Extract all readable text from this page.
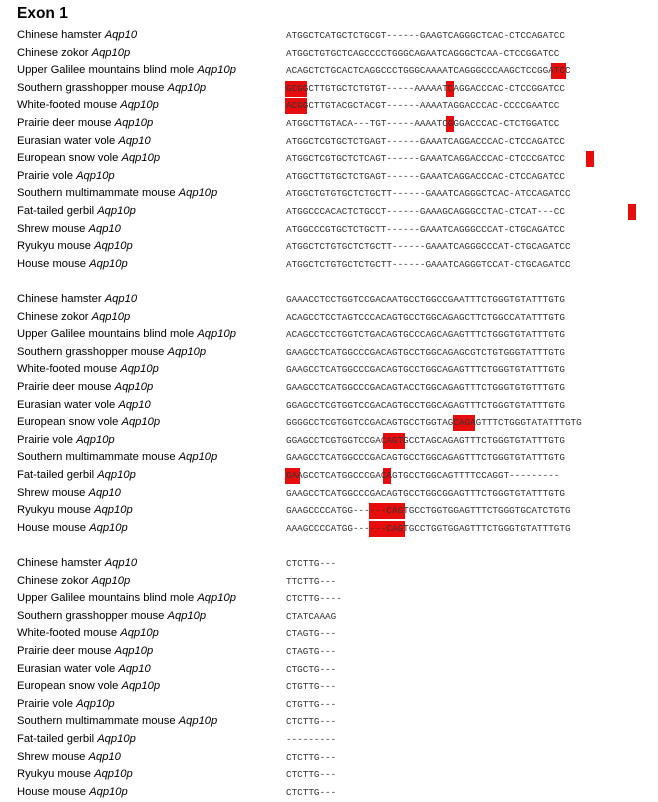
Exon 1
Chinese hamster Aqp10	ATGGCTCATGCTCTGCGT------GAAGTCAGGGCTCAC-CTCCAGATCC
Chinese zokor Aqp10p	ATGGCTGTGCTCAGCCCCTGGGCAGAATCAGGGCTCAA-CTCCGGATCC
Upper Galilee mountains blind mole Aqp10p	ACAGCTCTGCACTCAGGCCCTGGGCAAAATCAGGGCCCAAGCTCCGGATCC
Southern grasshopper mouse Aqp10p	GCGGCTTGTGCTCTGTGT-----AAAAATCAGGACCCAC-CTCCGGATCC
White-footed mouse Aqp10p	ACGGCTTGTACGCTACGT------AAAATAGGACCCAC-CCCCGAATCC
Prairie deer mouse Aqp10p	ATGGCTTGTACA---TGT-----AAAATCGGGACCCAC-CTCTGGATCC
Eurasian water vole Aqp10	ATGGCTCGTGCTCTGAGT------GAAATCAGGACCCAC-CTCCAGATCC
European snow vole Aqp10p	ATGGCTCGTGCTCTCAGT------GAAATCAGGACCCAC-CTCCCGATCC
Prairie vole Aqp10p	ATGGCTTGTGCTCTGAGT------GAAATCAGGACCCAC-CTCCAGATCC
Southern multimammate mouse Aqp10p	ATGGCTGTGTGCTCTGCTT------GAAATCAGGGCTCAC-ATCCAGATCC
Fat-tailed gerbil Aqp10p	ATGGCCCACACTCTGCCT------GAAAGCAGGGCCTAC-CTCAT---CC
Shrew mouse Aqp10	ATGGCCCGTGCTCTGCTT------GAAATCAGGGCCCAT-CTGCAGATCC
Ryukyu mouse Aqp10p	ATGGCTCTGTGCTCTGCTT------GAAATCAGGGCCCAT-CTGCAGATCC
House mouse Aqp10p	ATGGCTCTGTGCTCTGCTT------GAAATCAGGGTCCAT-CTGCAGATCC
Chinese hamster Aqp10	GAAACCTCCTGGTCCGACAATGCCTGGCCGAATTTCTGGGTGTATTTGTG
Chinese zokor Aqp10p	ACAGCCTCCTAGTCCCACAGTGCCTGGCAGAGCTTCTGGCCATATTTGTG
Upper Galilee mountains blind mole Aqp10p	ACAGCCTCCTGGTCTGACAGTGCCCAGCAGAGTTTCTGGGTGTATTTGTG
Southern grasshopper mouse Aqp10p	GAAGCCTCATGGCCCGACAGTGCCTGGCAGAGCGTCTGTGGGTATTTGTG
White-footed mouse Aqp10p	GAAGCCTCATGGCCCGACAGTGCCTGGCAGAGTTTCTGGGTGTATTTGTG
Prairie deer mouse Aqp10p	GAAGCCTCATGGCCCGACAGTACCTGGCAGAGTTTCTGGGTGTGTTTGTG
Eurasian water vole Aqp10	GGAGCCTCGTGGTCCGACAGTGCCTGGCAGAGTTTCTGGGTGTATTTGTG
European snow vole Aqp10p	GGGGCCTCGTGGTCCGACAGTGCCTGGTAGCAGAGTTTCTGGGTATATTTGTG
Prairie vole Aqp10p	GGAGCCTCGTGGTCCGACAGTGCCTAGCAGAGTTTCTGGGTGTATTTGTG
Southern multimammate mouse Aqp10p	GAAGCCTCATGGCCCGACAGTGCCTGGCAGAGTTTCTGGGTGTATTTGTG
Fat-tailed gerbil Aqp10p	GAAGCCTCATGGCCCGACAGTGCCTGGCAGTTTTCCAGGT---------
Shrew mouse Aqp10	GAAGCCTCATGGCCCGACAGTGCCTGGCGGAGTTTCTGGGTGTATTTGTG
Ryukyu mouse Aqp10p	GAAGCCCCATGG------CAGTGCCTGGTGGAGTTTCTGGGTGCATCTGTG
House mouse Aqp10p	AAAGCCCCATGG------CAGTGCCTGGTGGAGTTTCTGGGTGTATTTGTG
Chinese hamster Aqp10	CTCTTG---
Chinese zokor Aqp10p	TTCTTG---
Upper Galilee mountains blind mole Aqp10p	CTCTTG----
Southern grasshopper mouse Aqp10p	CTATCAAAG
White-footed mouse Aqp10p	CTAGTG---
Prairie deer mouse Aqp10p	CTAGTG---
Eurasian water vole Aqp10	CTGCTG---
European snow vole Aqp10p	CTGTTG---
Prairie vole Aqp10p	CTGTTG---
Southern multimammate mouse Aqp10p	CTCTTG---
Fat-tailed gerbil Aqp10p	---------
Shrew mouse Aqp10	CTCTTG---
Ryukyu mouse Aqp10p	CTCTTG---
House mouse Aqp10p	CTCTTG---
